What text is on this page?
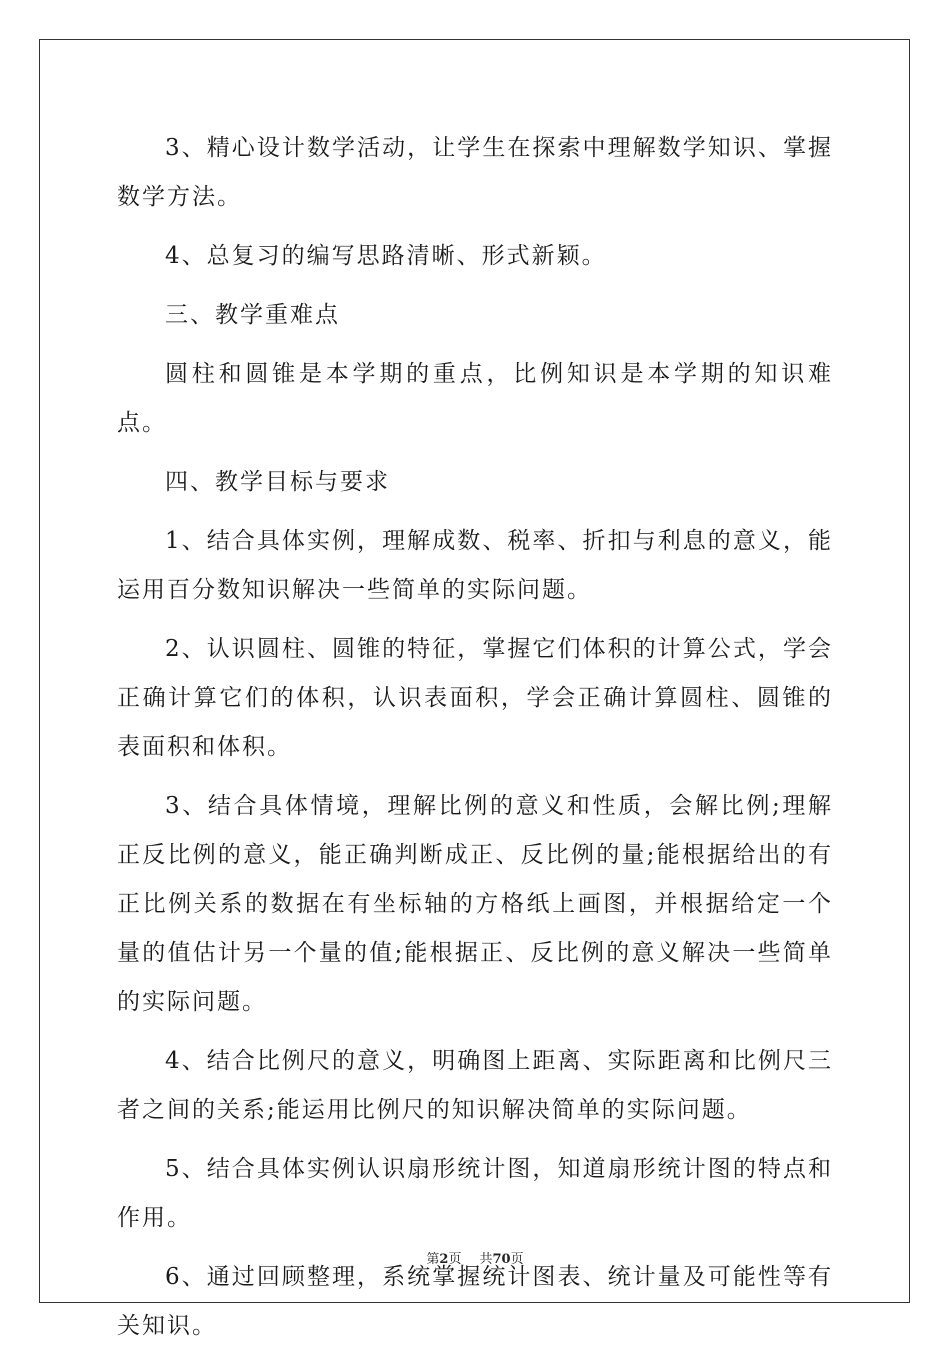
3、精心设计数学活动，让学生在探索中理解数学知识、掌握数学方法。

4、总复习的编写思路清晰、形式新颖。

三、教学重难点

圆柱和圆锥是本学期的重点，比例知识是本学期的知识难点。

四、教学目标与要求

1、结合具体实例，理解成数、税率、折扣与利息的意义，能运用百分数知识解决一些简单的实际问题。

2、认识圆柱、圆锥的特征，掌握它们体积的计算公式，学会正确计算它们的体积，认识表面积，学会正确计算圆柱、圆锥的表面积和体积。

3、结合具体情境，理解比例的意义和性质，会解比例;理解正反比例的意义，能正确判断成正、反比例的量;能根据给出的有正比例关系的数据在有坐标轴的方格纸上画图，并根据给定一个量的值估计另一个量的值;能根据正、反比例的意义解决一些简单的实际问题。

4、结合比例尺的意义，明确图上距离、实际距离和比例尺三者之间的关系;能运用比例尺的知识解决简单的实际问题。

5、结合具体实例认识扇形统计图，知道扇形统计图的特点和作用。

6、通过回顾整理，系统掌握统计图表、统计量及可能性等有关知识。

第2页 共70页
